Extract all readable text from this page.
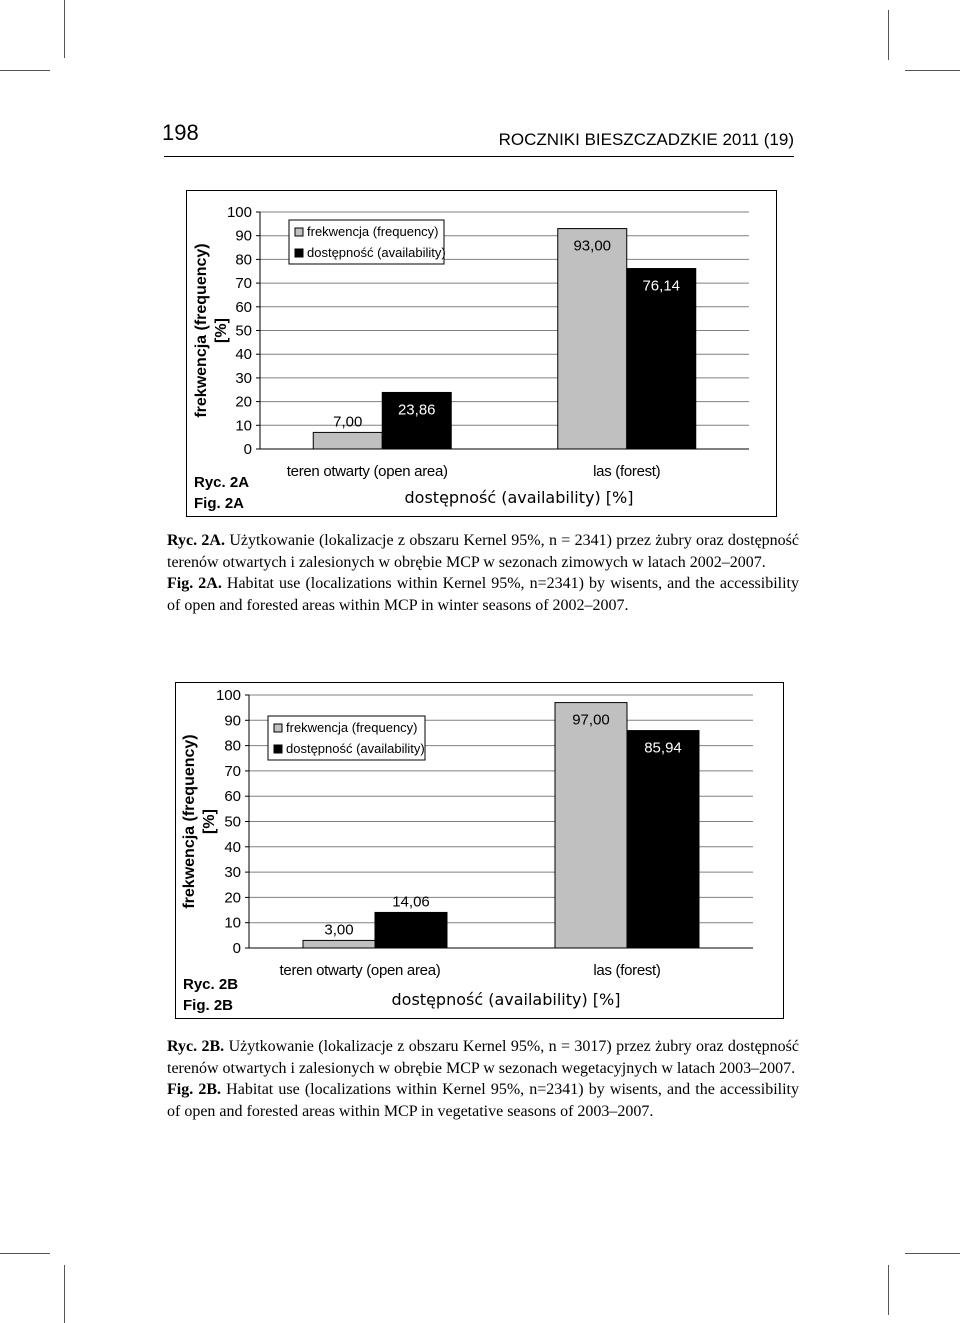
198	ROCZNIKI BIESZCZADZKIE 2011 (19)
0
10
20
30
40
50
60
70
80
90
100
7,00
23,86
teren otwarty (open area)
93,00
76,14
las (forest)
frekwencja (frequency) [%]
dostępność (availability) [%]
Ryc. 2A
Fig. 2A
frekwencja (frequency)
dostępność (availability)

Ryc. 2A. Użytkowanie (lokalizacje z obszaru Kernel 95%, n = 2341) przez żubry oraz dostępność terenów otwartych i zalesionych w obrębie MCP w sezonach zimowych w latach 2002–2007.

Fig. 2A. Habitat use (localizations within Kernel 95%, n=2341) by wisents, and the accessibility of open and forested areas within MCP in winter seasons of 2002–2007.

0
10
20
30
40
50
60
70
80
90
100
3,00
14,06
teren otwarty (open area)
97,00
85,94
las (forest)
frekwencja (frequency) [%]
dostępność (availability) [%]
Ryc. 2B
Fig. 2B
frekwencja (frequency)
dostępność (availability)

Ryc. 2B. Użytkowanie (lokalizacje z obszaru Kernel 95%, n = 3017) przez żubry oraz dostępność terenów otwartych i zalesionych w obrębie MCP w sezonach wegetacyjnych w latach 2003–2007.

Fig. 2B. Habitat use (localizations within Kernel 95%, n=2341) by wisents, and the accessibility of open and forested areas within MCP in vegetative seasons of 2003–2007.
